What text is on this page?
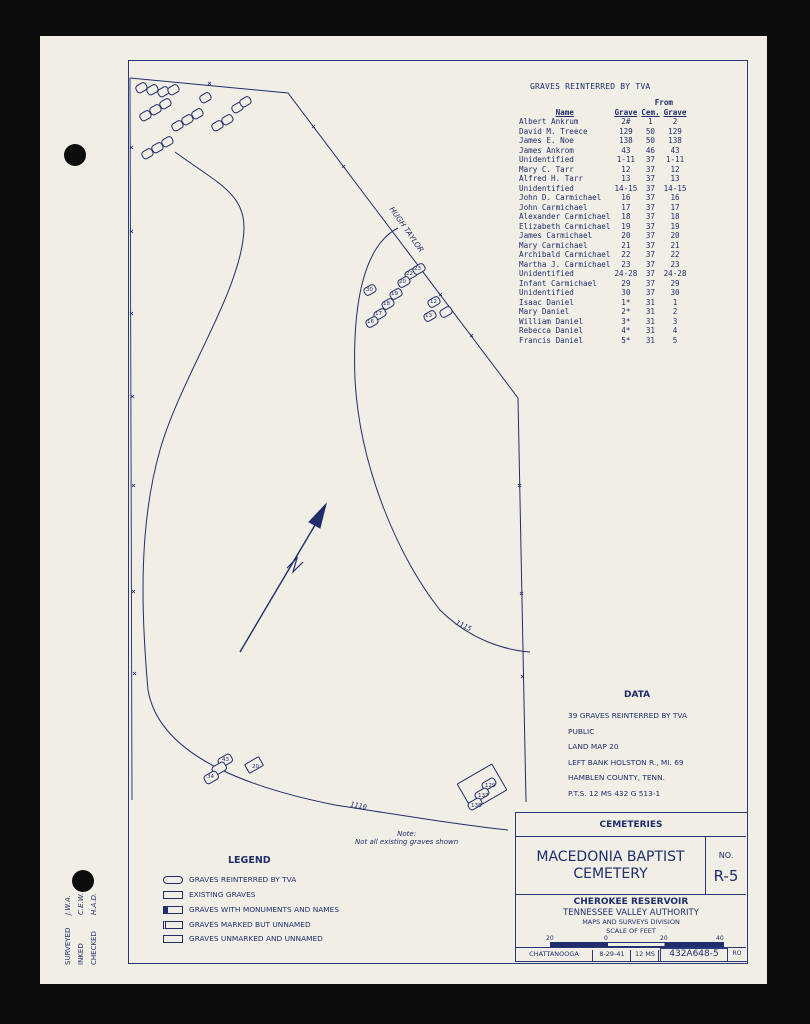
HUGH TAYLOR
1115
1110
43
20
34
129
137
138
30
23
22
20
19
18
17
16
13
12
GRAVES REINTERRED BY TVA
		From	
Name	Grave	Cem.	Grave
Albert Ankrum	2#	1	2
David M. Treece	129	50	129
James E. Noe	138	50	138
James Ankrom	43	46	43
Unidentified	1-11	37	1-11
Mary C. Tarr	12	37	12
Alfred H. Tarr	13	37	13
Unidentified	14-15	37	14-15
John D. Carmichael	16	37	16
John Carmichael	17	37	17
Alexander Carmichael	18	37	18
Elizabeth Carmichael	19	37	19
James Carmichael	20	37	20
Mary Carmichael	21	37	21
Archibald Carmichael	22	37	22
Martha J. Carmichael	23	37	23
Unidentified	24-28	37	24-28
Infant Carmichael	29	37	29
Unidentified	30	37	30
Isaac Daniel	1*	31	1
Mary Daniel	2*	31	2
William Daniel	3*	31	3
Rebecca Daniel	4*	31	4
Francis Daniel	5*	31	5
DATA
39 GRAVES REINTERRED BY TVA
PUBLIC
LAND MAP 20
LEFT BANK HOLSTON R., MI. 69
HAMBLEN COUNTY, TENN.
P.T.S. 12 MS 432 G 513-1
Note:
Not all existing graves shown
LEGEND
GRAVES REINTERRED BY TVA
EXISTING GRAVES
GRAVES WITH MONUMENTS AND NAMES
GRAVES MARKED BUT UNNAMED
GRAVES UNMARKED AND UNNAMED
CEMETERIES
MACEDONIA BAPTIST
CEMETERY
NO.
R-5
CHEROKEE RESERVOIR
TENNESSEE VALLEY AUTHORITY
MAPS AND SURVEYS DIVISION
SCALE OF FEET
20	0	20	40
CHATTANOOGA	8-29-41	12 MS	432A648-5	RO
SURVEYED INKED CHECKED
J.W.A. C.E.W. H.A.D.
